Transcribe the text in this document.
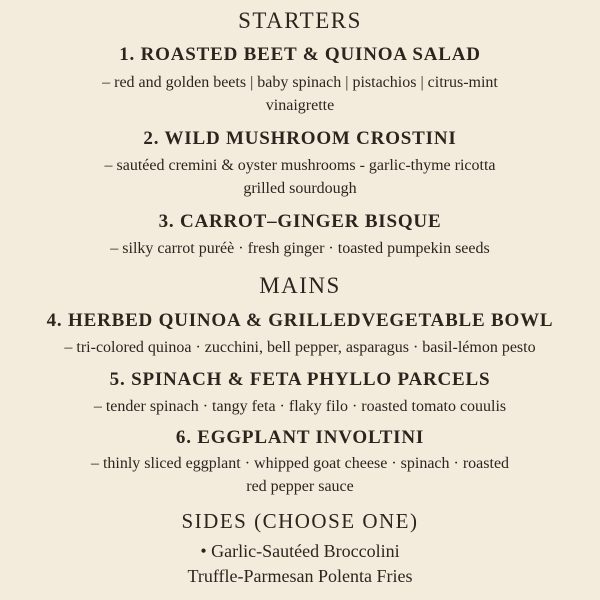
STARTERS
1. ROASTED BEET & QUINOA SALAD
– red and golden beets | baby spinach | pistachios | citrus-mint
vinaigrette
2. WILD MUSHROOM CROSTINI
– sautéed cremini & oyster mushrooms - garlic-thyme ricotta
grilled sourdough
3. CARROT–GINGER BISQUE
– silky carrot puréè · fresh ginger · toasted pumpekin seeds
MAINS
4. HERBED QUINOA & GRILLEDVEGETABLE BOWL
– tri-colored quinoa · zucchini, bell pepper, asparagus · basil-lémon pesto
5. SPINACH & FETA PHYLLO PARCELS
– tender spinach · tangy feta · flaky filo · roasted tomato couulis
6. EGGPLANT INVOLTINI
– thinly sliced eggplant · whipped goat cheese · spinach · roasted
red pepper sauce
SIDES (CHOOSE ONE)
• Garlic-Sautéed Broccolini
Truffle-Parmesan Polenta Fries
